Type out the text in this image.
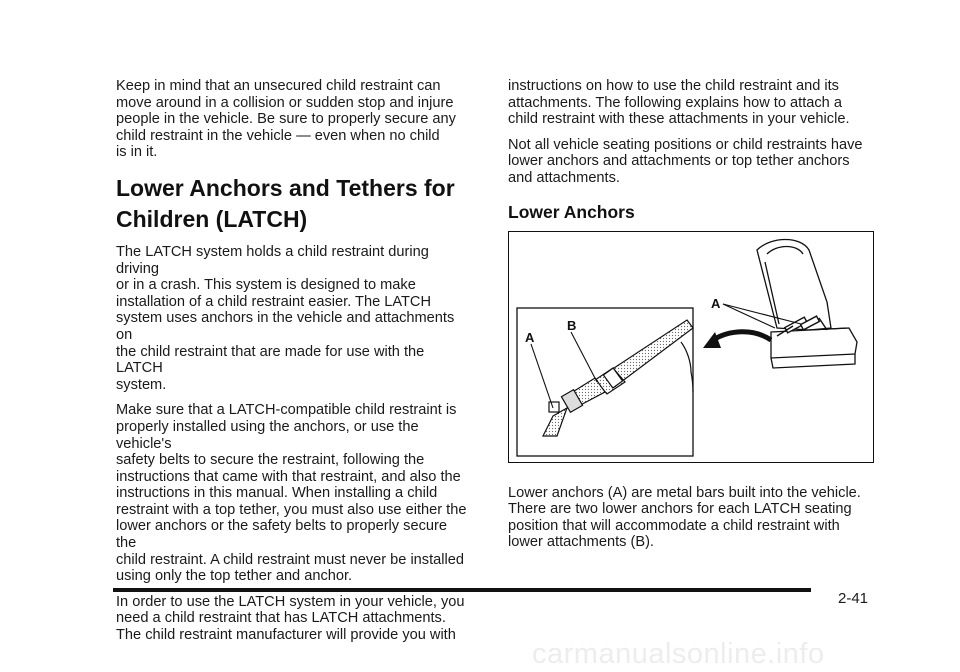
Keep in mind that an unsecured child restraint can
move around in a collision or sudden stop and injure
people in the vehicle. Be sure to properly secure any
child restraint in the vehicle — even when no child
is in it.

Lower Anchors and Tethers for
Children (LATCH)

The LATCH system holds a child restraint during driving
or in a crash. This system is designed to make
installation of a child restraint easier. The LATCH
system uses anchors in the vehicle and attachments on
the child restraint that are made for use with the LATCH
system.

Make sure that a LATCH-compatible child restraint is
properly installed using the anchors, or use the vehicle's
safety belts to secure the restraint, following the
instructions that came with that restraint, and also the
instructions in this manual. When installing a child
restraint with a top tether, you must also use either the
lower anchors or the safety belts to properly secure the
child restraint. A child restraint must never be installed
using only the top tether and anchor.

In order to use the LATCH system in your vehicle, you
need a child restraint that has LATCH attachments.
The child restraint manufacturer will provide you with

instructions on how to use the child restraint and its
attachments. The following explains how to attach a
child restraint with these attachments in your vehicle.

Not all vehicle seating positions or child restraints have
lower anchors and attachments or top tether anchors
and attachments.

Lower Anchors
A
A
B

Lower anchors (A) are metal bars built into the vehicle.
There are two lower anchors for each LATCH seating
position that will accommodate a child restraint with
lower attachments (B).

2-41
carmanualsonline.info
